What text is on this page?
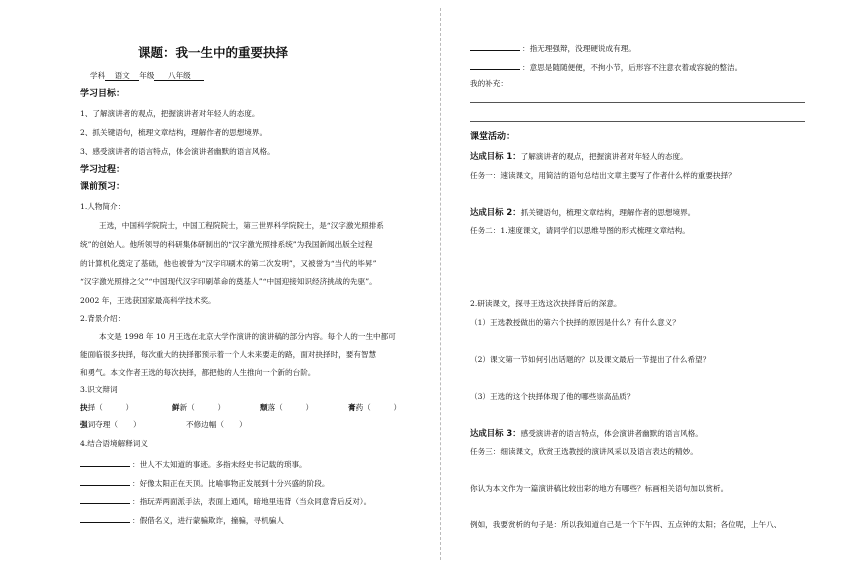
课题：我一生中的重要抉择
学科 语文 年级 八年级
学习目标：
1、了解演讲者的观点，把握演讲者对年轻人的态度。
2、抓关键语句，梳理文章结构，理解作者的思想境界。
3、感受演讲者的语言特点，体会演讲者幽默的语言风格。
学习过程：
课前预习：
1.人物简介：
王选，中国科学院院士，中国工程院院士，第三世界科学院院士，是“汉字激光照排系
统”的创始人。他所领导的科研集体研制出的“汉字激光照排系统”为我国新闻出版全过程
的计算机化奠定了基础，他也被誉为“汉字印刷术的第二次发明”，又被誉为“当代的毕昇”
“汉字激光照排之父”“中国现代汉字印刷革命的奠基人”“中国迎接知识经济挑战的先驱”。
2002 年，王选获国家最高科学技术奖。
2.背景介绍：
本文是 1998 年 10 月王选在北京大学作演讲的演讲稿的部分内容。每个人的一生中都可
能面临很多抉择，每次重大的抉择都预示着一个人未来要走的路，面对抉择时，要有智慧
和勇气。本文作者王选的每次抉择，都把他的人生推向一个新的台阶。
3.识文辩词
抉择（　　　）	鲜新（　　　）	颓落（　　　）	膏药（　　　）
强词夺理（　　）	不修边幅（　　）
4.结合语境解释词义
：世人不太知道的事迹。多指未经史书记载的琐事。
：好像太阳正在天顶。比喻事物正发展到十分兴盛的阶段。
：指玩弄两面派手法，表面上通风，暗地里违背（当众同意背后反对）。
：假借名义，进行蒙骗欺诈，撞骗，寻机骗人
：指无理强辩，没理硬说成有理。
：意思是随随便便，不拘小节，后形容不注意衣着或容貌的整洁。
我的补充：
课堂活动：
达成目标 1：了解演讲者的观点，把握演讲者对年轻人的态度。
任务一：速读课文，用简洁的语句总结出文章主要写了作者什么样的重要抉择？
达成目标 2：抓关键语句，梳理文章结构，理解作者的思想境界。
任务二：1.速度课文，请同学们以思维导图的形式梳理文章结构。
2.研读课文，探寻王选这次抉择背后的深意。
（1）王选教授做出的第六个抉择的原因是什么？有什么意义？
（2）课文第一节如何引出话题的？以及课文最后一节提出了什么希望？
（3）王选的这个抉择体现了他的哪些崇高品质？
达成目标 3：感受演讲者的语言特点，体会演讲者幽默的语言风格。
任务三：细读课文，欣赏王选教授的演讲风采以及语言表达的精妙。
你认为本文作为一篇演讲稿比较出彩的地方有哪些？标画相关语句加以赏析。
例如，我要赏析的句子是：所以我知道自己是一个下午四、五点钟的太阳；各位呢，上午八、
